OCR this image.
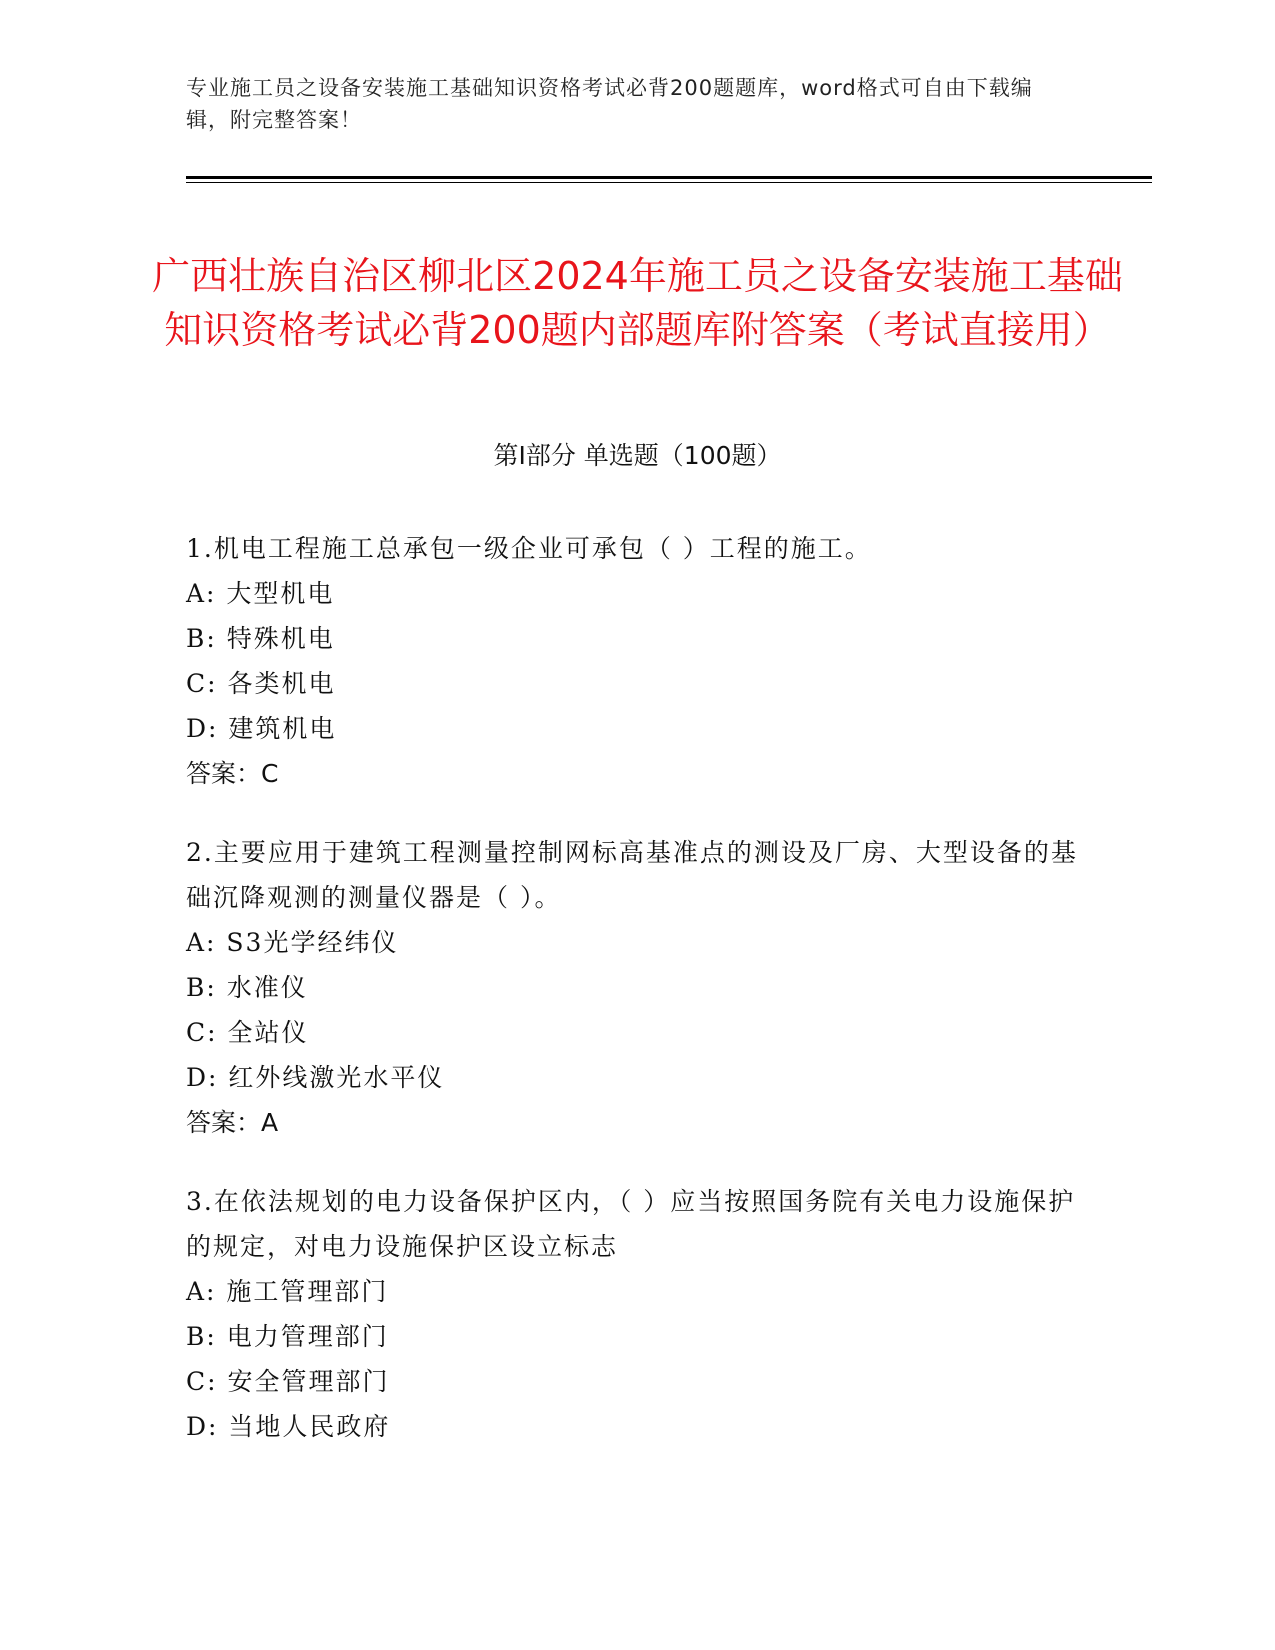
专业施工员之设备安装施工基础知识资格考试必背200题题库，word格式可自由下载编辑，附完整答案！
广西壮族自治区柳北区2024年施工员之设备安装施工基础知识资格考试必背200题内部题库附答案（考试直接用）
第Ⅰ部分 单选题（100题）
1.机电工程施工总承包一级企业可承包（ ）工程的施工。
A: 大型机电
B: 特殊机电
C: 各类机电
D: 建筑机电
答案：C
2.主要应用于建筑工程测量控制网标高基准点的测设及厂房、大型设备的基础沉降观测的测量仪器是（ ）。
A: S3光学经纬仪
B: 水准仪
C: 全站仪
D: 红外线激光水平仪
答案：A
3.在依法规划的电力设备保护区内，（ ）应当按照国务院有关电力设施保护的规定，对电力设施保护区设立标志
A: 施工管理部门
B: 电力管理部门
C: 安全管理部门
D: 当地人民政府
